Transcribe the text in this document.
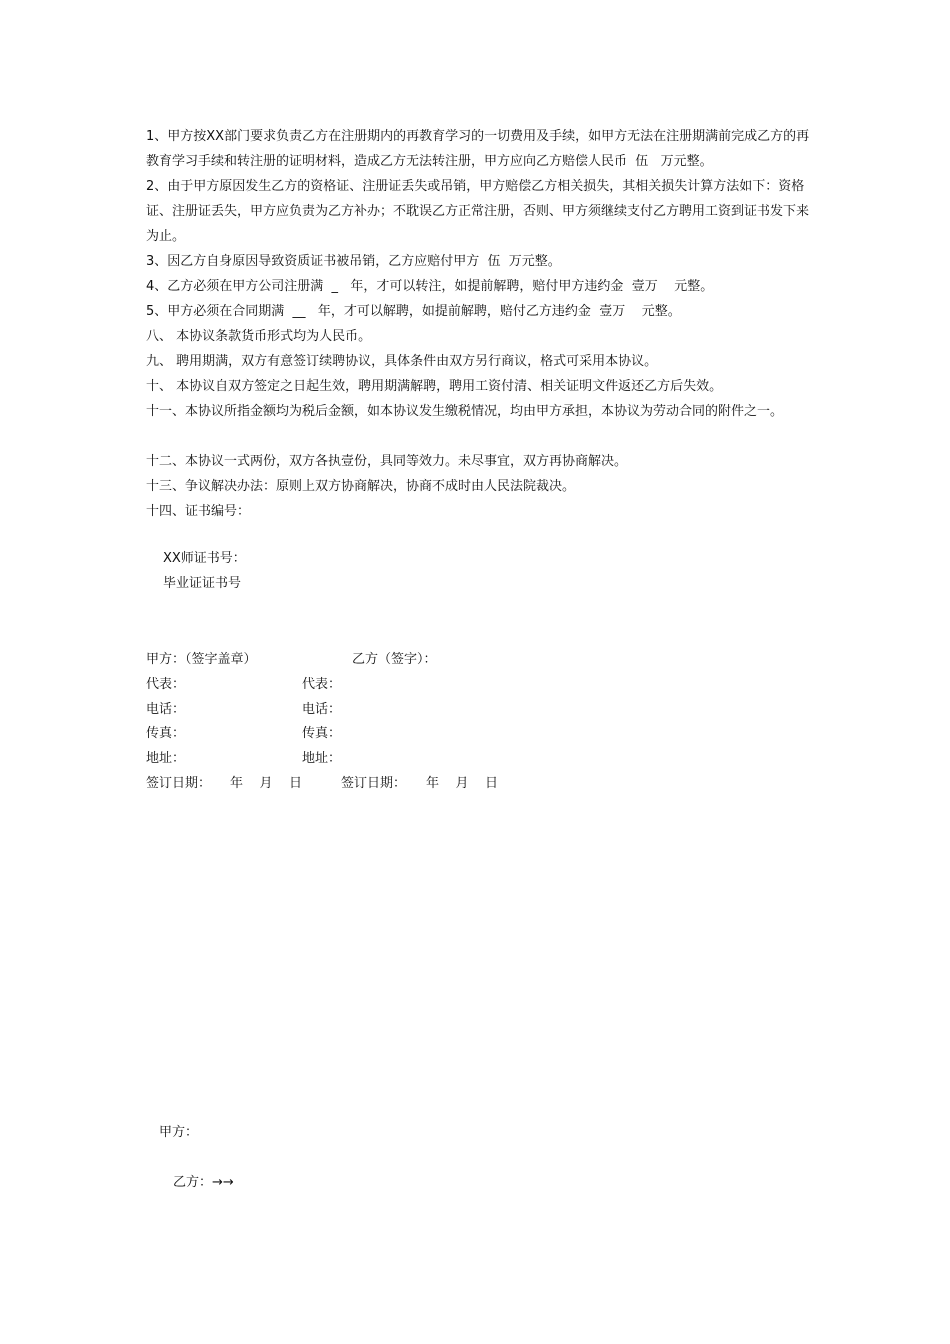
1、甲方按XX部门要求负责乙方在注册期内的再教育学习的一切费用及手续，如甲方无法在注册期满前完成乙方的再教育学习手续和转注册的证明材料，造成乙方无法转注册，甲方应向乙方赔偿人民币  伍   万元整。

2、由于甲方原因发生乙方的资格证、注册证丢失或吊销，甲方赔偿乙方相关损失，其相关损失计算方法如下：资格证、注册证丢失，甲方应负责为乙方补办；不耽误乙方正常注册，否则、甲方须继续支付乙方聘用工资到证书发下来为止。

3、因乙方自身原因导致资质证书被吊销，乙方应赔付甲方  伍  万元整。

4、乙方必须在甲方公司注册满  _   年，才可以转注，如提前解聘，赔付甲方违约金  壹万    元整。

5、甲方必须在合同期满  __   年，才可以解聘，如提前解聘，赔付乙方违约金  壹万    元整。

八、 本协议条款货币形式均为人民币。

九、 聘用期满，双方有意签订续聘协议，具体条件由双方另行商议，格式可采用本协议。

十、 本协议自双方签定之日起生效，聘用期满解聘，聘用工资付清、相关证明文件返还乙方后失效。

十一、本协议所指金额均为税后金额，如本协议发生缴税情况，均由甲方承担，本协议为劳动合同的附件之一。

十二、本协议一式两份，双方各执壹份，具同等效力。未尽事宜，双方再协商解决。

十三、争议解决办法：原则上双方协商解决，协商不成时由人民法院裁决。

十四、证书编号：

XX师证书号：
毕业证证书号
甲方：（签字盖章）	乙方（签字）：
代表：	代表：
电话：	电话：
传真：	传真：
地址：	地址：
签订日期： 年    月    日	签订日期： 年    月    日
甲方：
乙方：→→
